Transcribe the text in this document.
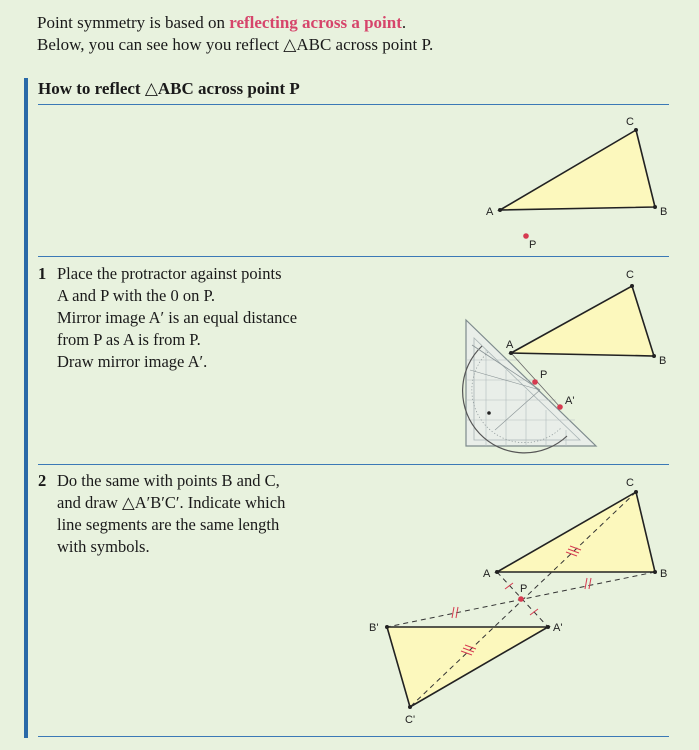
Point symmetry is based on reflecting across a point.
Below, you can see how you reflect △ABC across point P.
How to reflect △ABC across point P
1 Place the protractor against points
A and P with the 0 on P.
Mirror image A′ is an equal distance
from P as A is from P.
Draw mirror image A′.
2 Do the same with points B and C,
and draw △A′B′C′. Indicate which
line segments are the same length
with symbols.
A
C
B
P
A
C
B
P
A'
A
C
B
P
B'	A'
C'
